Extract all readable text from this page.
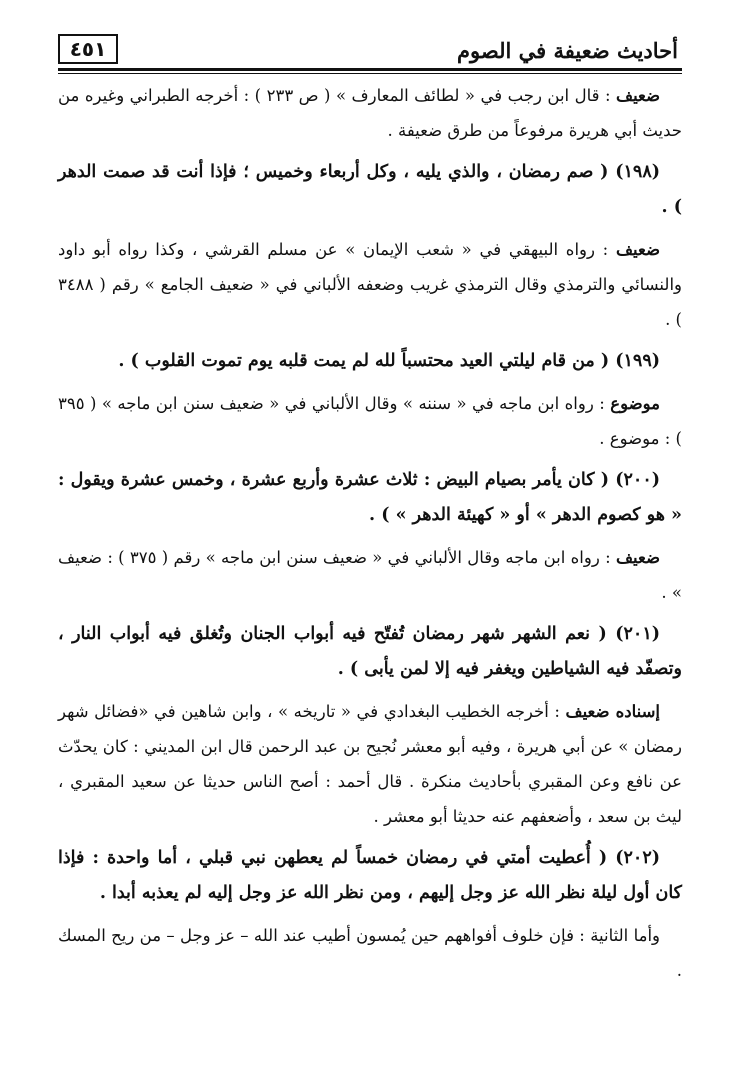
أحاديث ضعيفة في الصوم
٤٥١

ضعيف : قال ابن رجب في « لطائف المعارف » ( ص ٢٣٣ ) : أخرجه الطبراني وغيره من حديث أبي هريرة مرفوعاً من طرق ضعيفة .

(١٩٨) ( صم رمضان ، والذي يليه ، وكل أربعاء وخميس ؛ فإذا أنت قد صمت الدهر ) .

ضعيف : رواه البيهقي في « شعب الإيمان » عن مسلم القرشي ، وكذا رواه أبو داود والنسائي والترمذي وقال الترمذي غريب وضعفه الألباني في « ضعيف الجامع » رقم ( ٣٤٨٨ ) .

(١٩٩) ( من قام ليلتي العيد محتسباً لله لم يمت قلبه يوم تموت القلوب ) .

موضوع : رواه ابن ماجه في « سننه » وقال الألباني في « ضعيف سنن ابن ماجه » ( ٣٩٥ ) : موضوع .

(٢٠٠) ( كان يأمر بصيام البيض : ثلاث عشرة وأربع عشرة ، وخمس عشرة ويقول : « هو كصوم الدهر » أو « كهيئة الدهر » ) .

ضعيف : رواه ابن ماجه وقال الألباني في « ضعيف سنن ابن ماجه » رقم ( ٣٧٥ ) : ضعيف » .

(٢٠١) ( نعم الشهر شهر رمضان تُفتّح فيه أبواب الجنان وتُغلق فيه أبواب النار ، وتصفّد فيه الشياطين ويغفر فيه إلا لمن يأبى ) .

إسناده ضعيف : أخرجه الخطيب البغدادي في « تاريخه » ، وابن شاهين في «فضائل شهر رمضان » عن أبي هريرة ، وفيه أبو معشر نُجيح بن عبد الرحمن قال ابن المديني : كان يحدّث عن نافع وعن المقبري بأحاديث منكرة . قال أحمد : أصح الناس حديثا عن سعيد المقبري ، ليث بن سعد ، وأضعفهم عنه حديثا أبو معشر .

(٢٠٢) ( أُعطيت أمتي في رمضان خمساً لم يعطهن نبي قبلي ، أما واحدة : فإذا كان أول ليلة نظر الله عز وجل إليهم ، ومن نظر الله عز وجل إليه لم يعذبه أبدا .

وأما الثانية : فإن خلوف أفواههم حين يُمسون أطيب عند الله – عز وجل – من ريح المسك .
